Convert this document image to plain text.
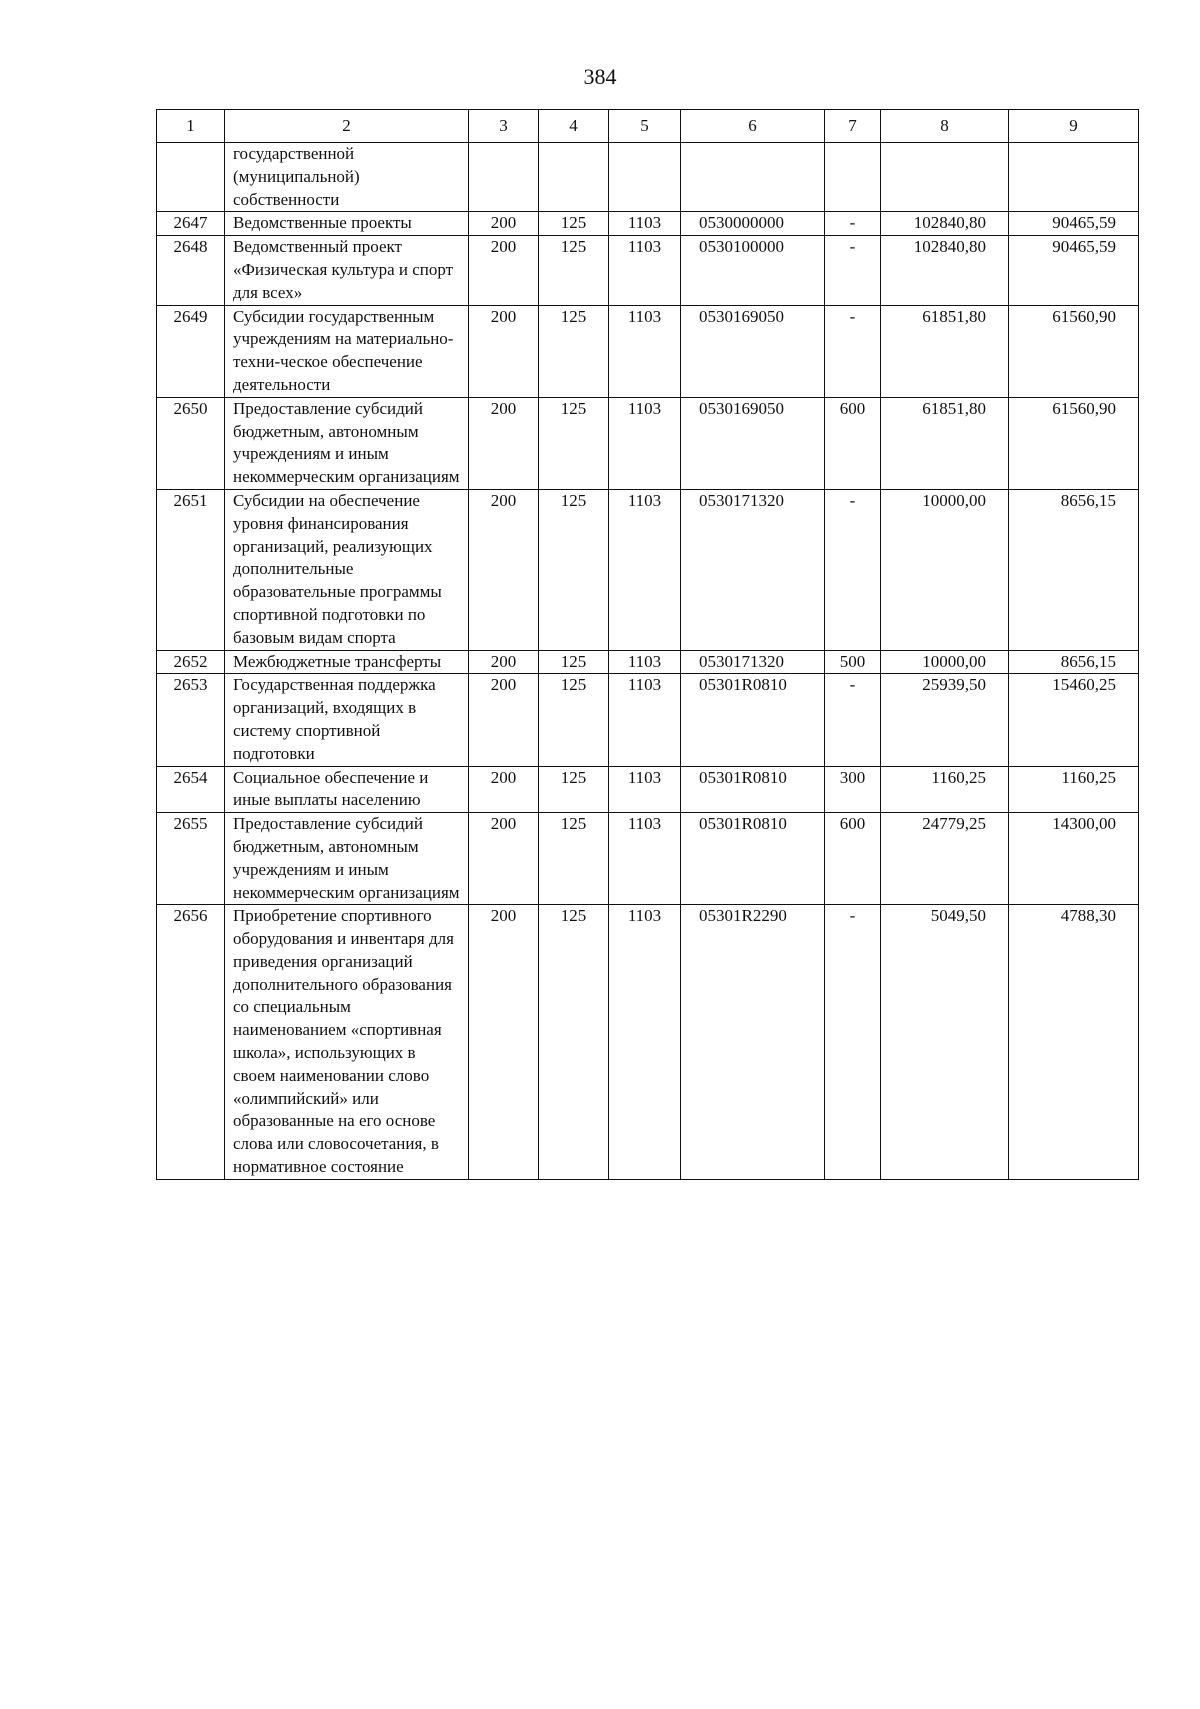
384
1	2	3	4	5	6	7	8	9
	государственной (муниципальной) собственности							
2647	Ведомственные проекты	200	125	1103	0530000000	-	102840,80	90465,59
2648	Ведомственный проект «Физическая культура и спорт для всех»	200	125	1103	0530100000	-	102840,80	90465,59
2649	Субсидии государственным учреждениям на материально-техни-ческое обеспечение деятельности	200	125	1103	0530169050	-	61851,80	61560,90
2650	Предоставление субсидий бюджетным, автономным учреждениям и иным некоммерческим организациям	200	125	1103	0530169050	600	61851,80	61560,90
2651	Субсидии на обеспечение уровня финансирования организаций, реализующих дополнительные образовательные программы спортивной подготовки по базовым видам спорта	200	125	1103	0530171320	-	10000,00	8656,15
2652	Межбюджетные трансферты	200	125	1103	0530171320	500	10000,00	8656,15
2653	Государственная поддержка организаций, входящих в систему спортивной подготовки	200	125	1103	05301R0810	-	25939,50	15460,25
2654	Социальное обеспечение и иные выплаты населению	200	125	1103	05301R0810	300	1160,25	1160,25
2655	Предоставление субсидий бюджетным, автономным учреждениям и иным некоммерческим организациям	200	125	1103	05301R0810	600	24779,25	14300,00
2656	Приобретение спортивного оборудования и инвентаря для приведения организаций дополнительного образования со специальным наименованием «спортивная школа», использующих в своем наименовании слово «олимпийский» или образованные на его основе слова или словосочетания, в нормативное состояние	200	125	1103	05301R2290	-	5049,50	4788,30
